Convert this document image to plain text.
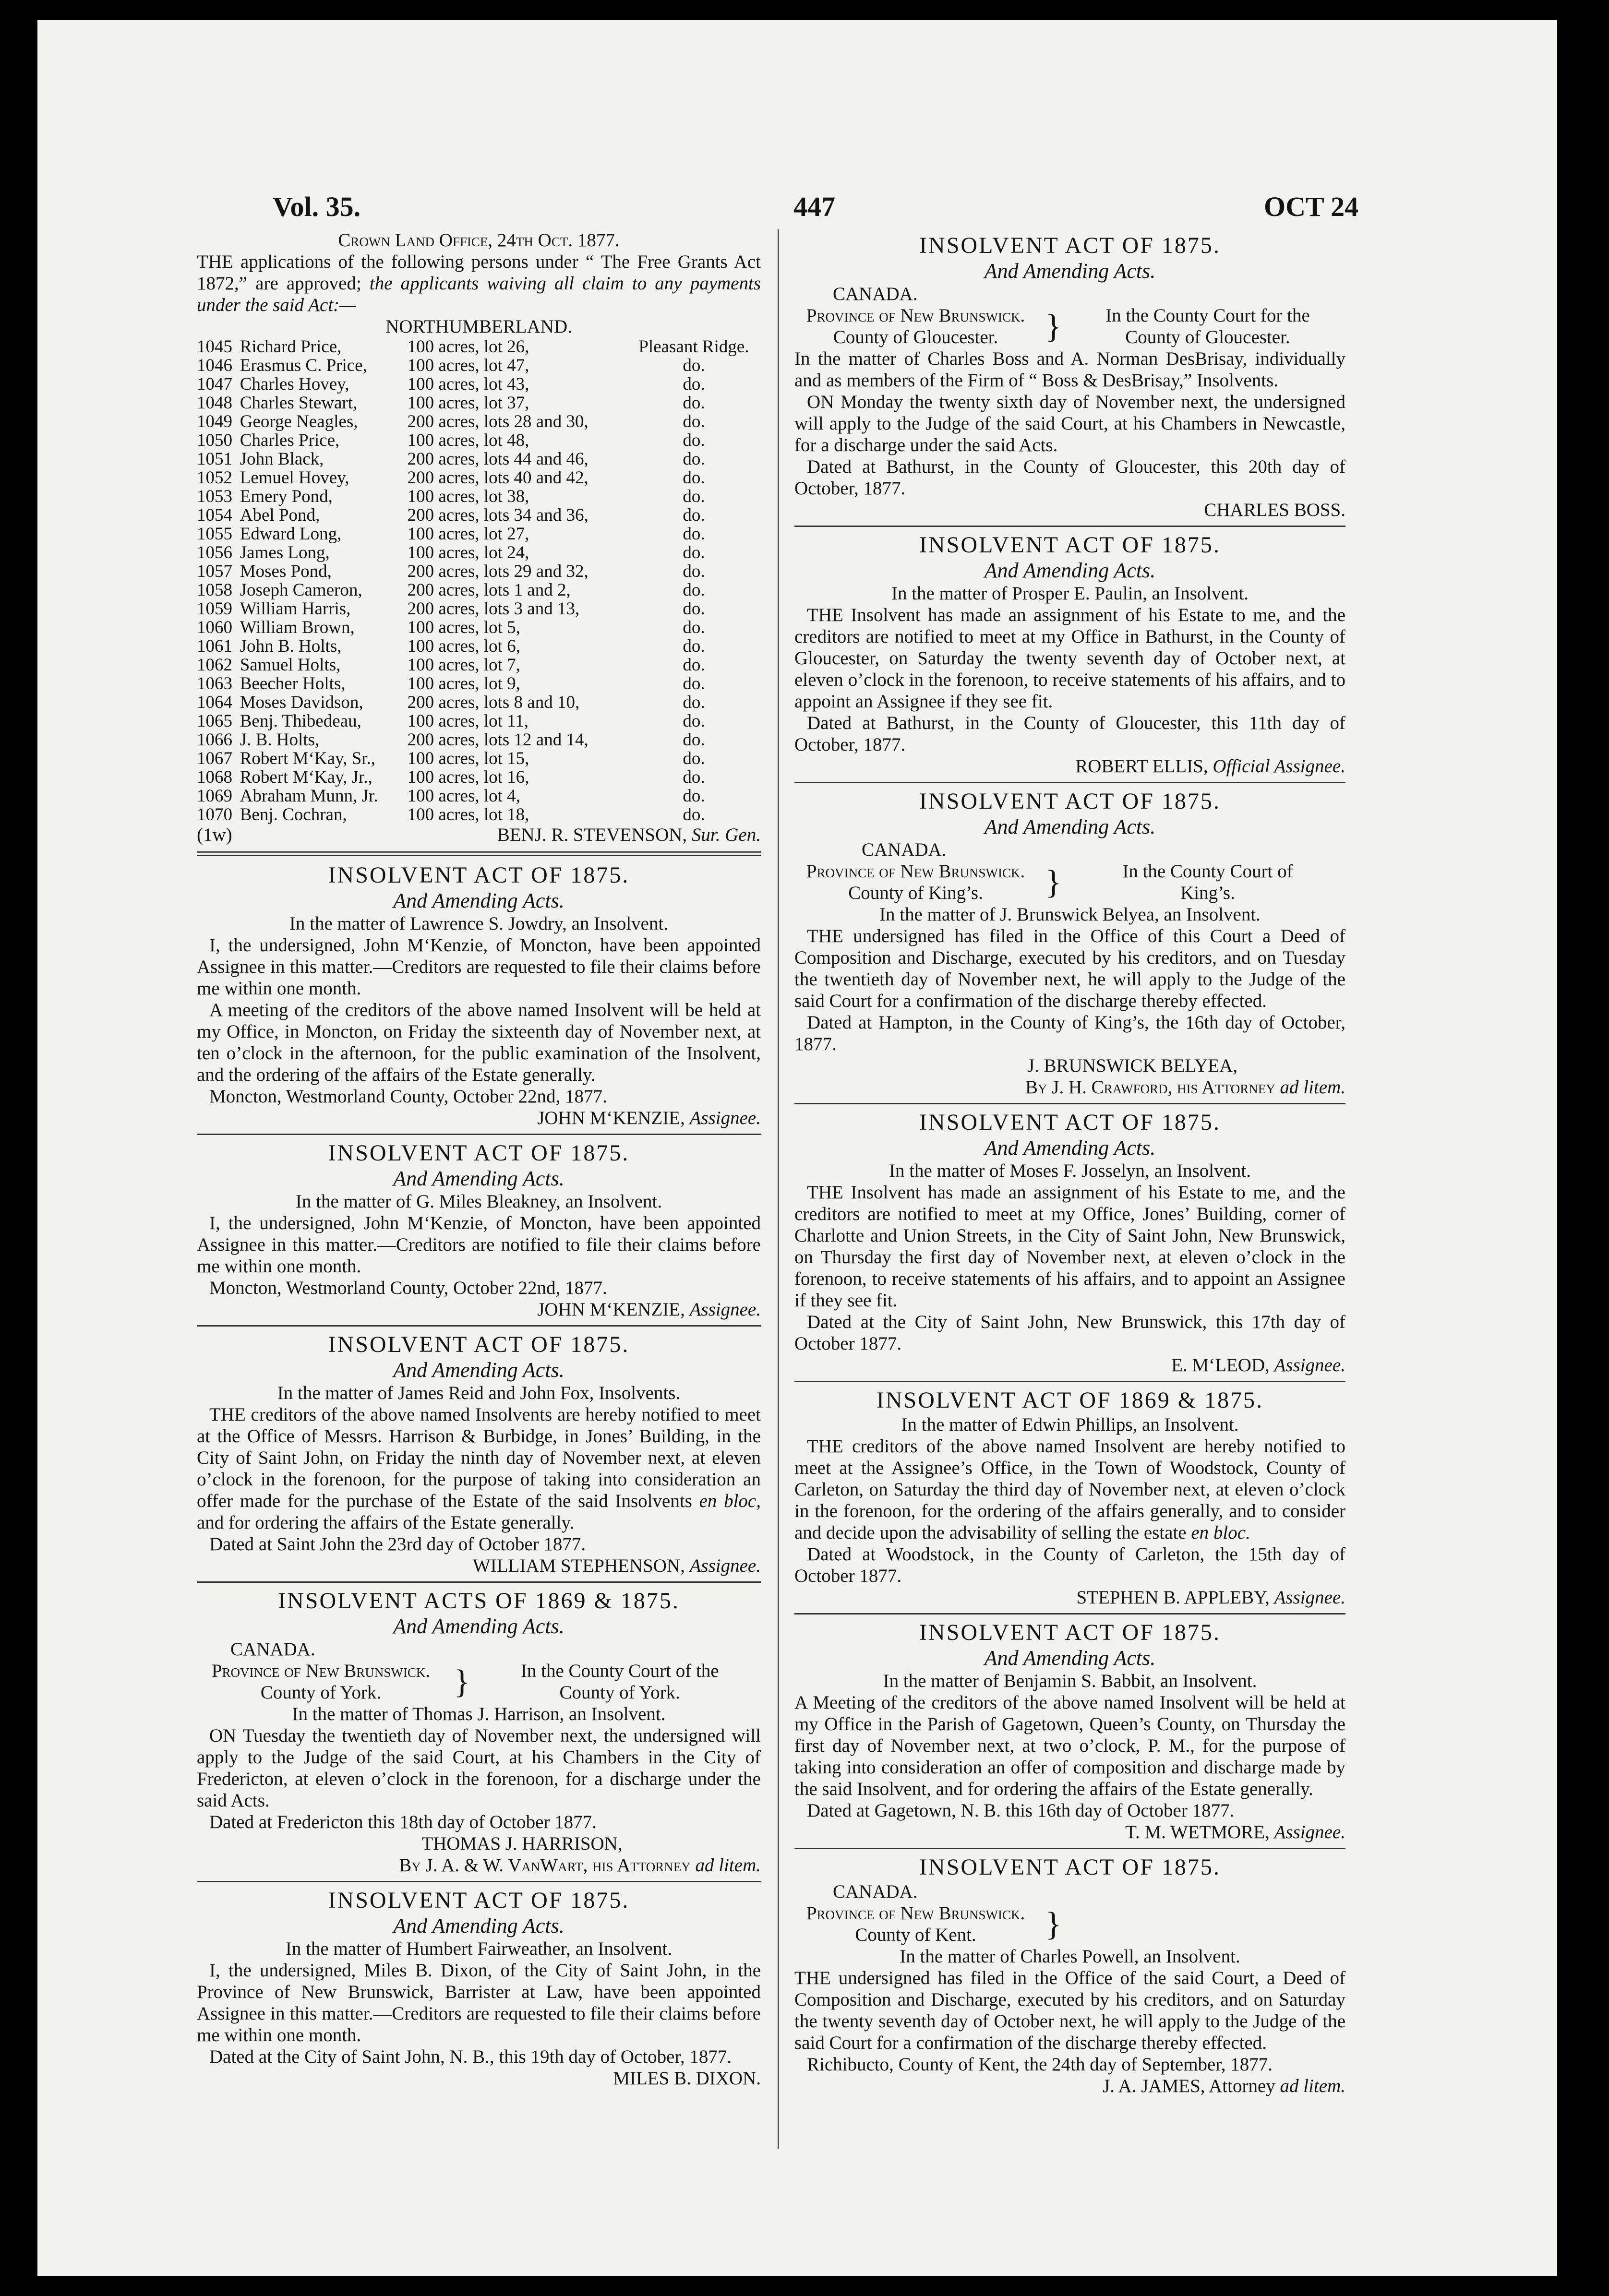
Vol. 35.	447	OCT 24
Crown Land Office, 24th Oct. 1877.

THE applications of the following persons under “ The Free Grants Act 1872,” are approved; the applicants waiving all claim to any payments under the said Act:—

NORTHUMBERLAND.
1045	Richard Price,	100 acres, lot 26,	Pleasant Ridge.
1046	Erasmus C. Price,	100 acres, lot 47,	do.
1047	Charles Hovey,	100 acres, lot 43,	do.
1048	Charles Stewart,	100 acres, lot 37,	do.
1049	George Neagles,	200 acres, lots 28 and 30,	do.
1050	Charles Price,	100 acres, lot 48,	do.
1051	John Black,	200 acres, lots 44 and 46,	do.
1052	Lemuel Hovey,	200 acres, lots 40 and 42,	do.
1053	Emery Pond,	100 acres, lot 38,	do.
1054	Abel Pond,	200 acres, lots 34 and 36,	do.
1055	Edward Long,	100 acres, lot 27,	do.
1056	James Long,	100 acres, lot 24,	do.
1057	Moses Pond,	200 acres, lots 29 and 32,	do.
1058	Joseph Cameron,	200 acres, lots 1 and 2,	do.
1059	William Harris,	200 acres, lots 3 and 13,	do.
1060	William Brown,	100 acres, lot 5,	do.
1061	John B. Holts,	100 acres, lot 6,	do.
1062	Samuel Holts,	100 acres, lot 7,	do.
1063	Beecher Holts,	100 acres, lot 9,	do.
1064	Moses Davidson,	200 acres, lots 8 and 10,	do.
1065	Benj. Thibedeau,	100 acres, lot 11,	do.
1066	J. B. Holts,	200 acres, lots 12 and 14,	do.
1067	Robert M‘Kay, Sr.,	100 acres, lot 15,	do.
1068	Robert M‘Kay, Jr.,	100 acres, lot 16,	do.
1069	Abraham Munn, Jr.	100 acres, lot 4,	do.
1070	Benj. Cochran,	100 acres, lot 18,	do.
(1w)	BENJ. R. STEVENSON, Sur. Gen.
INSOLVENT ACT OF 1875.
And Amending Acts.
In the matter of Lawrence S. Jowdry, an Insolvent.

I, the undersigned, John M‘Kenzie, of Moncton, have been appointed Assignee in this matter.—Creditors are requested to file their claims before me within one month.

A meeting of the creditors of the above named Insolvent will be held at my Office, in Moncton, on Friday the sixteenth day of November next, at ten o’clock in the afternoon, for the public examination of the Insolvent, and the ordering of the affairs of the Estate generally.

Moncton, Westmorland County, October 22nd, 1877.

JOHN M‘KENZIE, Assignee.
INSOLVENT ACT OF 1875.
And Amending Acts.
In the matter of G. Miles Bleakney, an Insolvent.

I, the undersigned, John M‘Kenzie, of Moncton, have been appointed Assignee in this matter.—Creditors are notified to file their claims before me within one month.

Moncton, Westmorland County, October 22nd, 1877.

JOHN M‘KENZIE, Assignee.
INSOLVENT ACT OF 1875.
And Amending Acts.
In the matter of James Reid and John Fox, Insolvents.

THE creditors of the above named Insolvents are hereby notified to meet at the Office of Messrs. Harrison & Burbidge, in Jones’ Building, in the City of Saint John, on Friday the ninth day of November next, at eleven o’clock in the forenoon, for the purpose of taking into consideration an offer made for the purchase of the Estate of the said Insolvents en bloc, and for ordering the affairs of the Estate generally.

Dated at Saint John the 23rd day of October 1877.

WILLIAM STEPHENSON, Assignee.
INSOLVENT ACTS OF 1869 & 1875.
And Amending Acts.
CANADA.
Province of New Brunswick.
County of York.	}	In the County Court of the
County of York.
In the matter of Thomas J. Harrison, an Insolvent.

ON Tuesday the twentieth day of November next, the undersigned will apply to the Judge of the said Court, at his Chambers in the City of Fredericton, at eleven o’clock in the forenoon, for a discharge under the said Acts.

Dated at Fredericton this 18th day of October 1877.

THOMAS J. HARRISON,
By J. A. & W. VanWart, his Attorney ad litem.
INSOLVENT ACT OF 1875.
And Amending Acts.
In the matter of Humbert Fairweather, an Insolvent.

I, the undersigned, Miles B. Dixon, of the City of Saint John, in the Province of New Brunswick, Barrister at Law, have been appointed Assignee in this matter.—Creditors are requested to file their claims before me within one month.

Dated at the City of Saint John, N. B., this 19th day of October, 1877.

MILES B. DIXON.
INSOLVENT ACT OF 1875.
And Amending Acts.
CANADA.
Province of New Brunswick.
County of Gloucester.	}	In the County Court for the
County of Gloucester.

In the matter of Charles Boss and A. Norman DesBrisay, individually and as members of the Firm of “ Boss & DesBrisay,” Insolvents.

ON Monday the twenty sixth day of November next, the undersigned will apply to the Judge of the said Court, at his Chambers in Newcastle, for a discharge under the said Acts.

Dated at Bathurst, in the County of Gloucester, this 20th day of October, 1877.

CHARLES BOSS.
INSOLVENT ACT OF 1875.
And Amending Acts.
In the matter of Prosper E. Paulin, an Insolvent.

THE Insolvent has made an assignment of his Estate to me, and the creditors are notified to meet at my Office in Bathurst, in the County of Gloucester, on Saturday the twenty seventh day of October next, at eleven o’clock in the forenoon, to receive statements of his affairs, and to appoint an Assignee if they see fit.

Dated at Bathurst, in the County of Gloucester, this 11th day of October, 1877.

ROBERT ELLIS, Official Assignee.
INSOLVENT ACT OF 1875.
And Amending Acts.
CANADA.
Province of New Brunswick.
County of King’s.	}	In the County Court of
King’s.
In the matter of J. Brunswick Belyea, an Insolvent.

THE undersigned has filed in the Office of this Court a Deed of Composition and Discharge, executed by his creditors, and on Tuesday the twentieth day of November next, he will apply to the Judge of the said Court for a confirmation of the discharge thereby effected.

Dated at Hampton, in the County of King’s, the 16th day of October, 1877.

J. BRUNSWICK BELYEA,
By J. H. Crawford, his Attorney ad litem.
INSOLVENT ACT OF 1875.
And Amending Acts.
In the matter of Moses F. Josselyn, an Insolvent.

THE Insolvent has made an assignment of his Estate to me, and the creditors are notified to meet at my Office, Jones’ Building, corner of Charlotte and Union Streets, in the City of Saint John, New Brunswick, on Thursday the first day of November next, at eleven o’clock in the forenoon, to receive statements of his affairs, and to appoint an Assignee if they see fit.

Dated at the City of Saint John, New Brunswick, this 17th day of October 1877.

E. M‘LEOD, Assignee.
INSOLVENT ACT OF 1869 & 1875.
In the matter of Edwin Phillips, an Insolvent.

THE creditors of the above named Insolvent are hereby notified to meet at the Assignee’s Office, in the Town of Woodstock, County of Carleton, on Saturday the third day of November next, at eleven o’clock in the forenoon, for the ordering of the affairs generally, and to consider and decide upon the advisability of selling the estate en bloc.

Dated at Woodstock, in the County of Carleton, the 15th day of October 1877.

STEPHEN B. APPLEBY, Assignee.
INSOLVENT ACT OF 1875.
And Amending Acts.
In the matter of Benjamin S. Babbit, an Insolvent.

A Meeting of the creditors of the above named Insolvent will be held at my Office in the Parish of Gagetown, Queen’s County, on Thursday the first day of November next, at two o’clock, P. M., for the purpose of taking into consideration an offer of composition and discharge made by the said Insolvent, and for ordering the affairs of the Estate generally.

Dated at Gagetown, N. B. this 16th day of October 1877.

T. M. WETMORE, Assignee.
INSOLVENT ACT OF 1875.
CANADA.
Province of New Brunswick.
County of Kent.	}
In the matter of Charles Powell, an Insolvent.

THE undersigned has filed in the Office of the said Court, a Deed of Composition and Discharge, executed by his creditors, and on Saturday the twenty seventh day of October next, he will apply to the Judge of the said Court for a confirmation of the discharge thereby effected.

Richibucto, County of Kent, the 24th day of September, 1877.

J. A. JAMES, Attorney ad litem.
